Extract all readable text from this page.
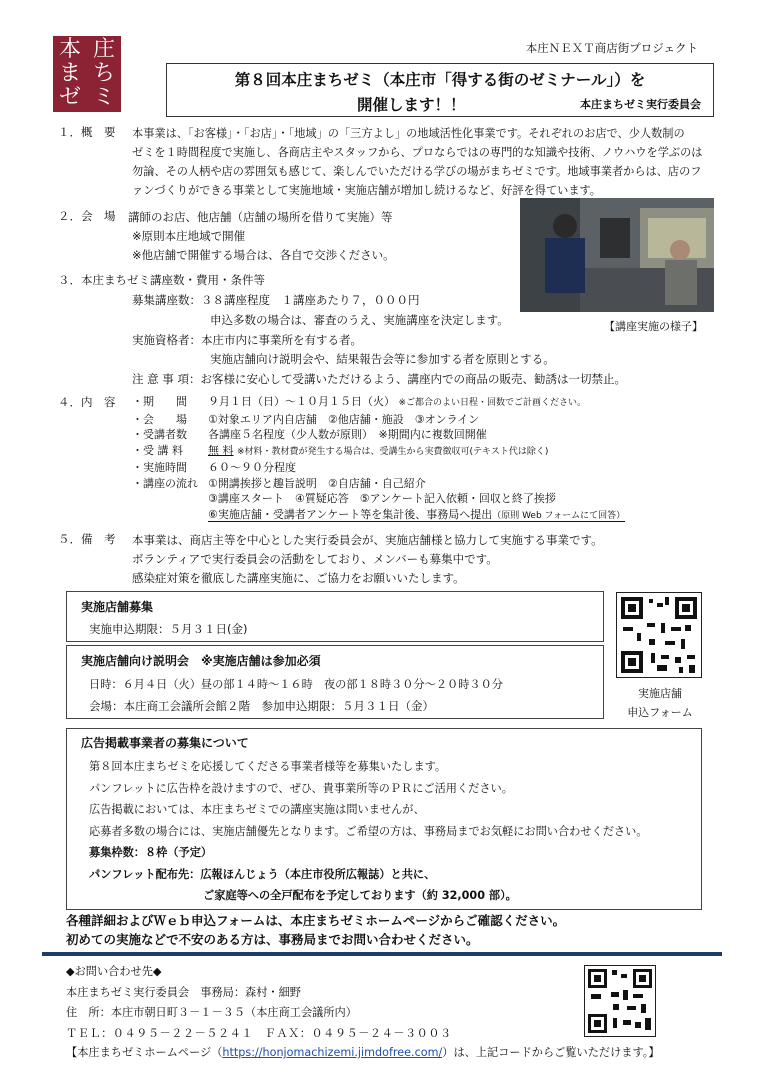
本 庄
ま ち
ゼ ミ
本庄ＮＥＸＴ商店街プロジェクト
第８回本庄まちゼミ（本庄市「得する街のゼミナール」）を
開催します！！	本庄まちゼミ実行委員会
１．概　要 本事業は、「お客様」・「お店」・「地域」の「三方よし」の地域活性化事業です。それぞれのお店で、少人数制の
ゼミを１時間程度で実施し、各商店主やスタッフから、プロならではの専門的な知識や技術、ノウハウを学ぶのは
勿論、その人柄や店の雰囲気も感じて、楽しんでいただける学びの場がまちゼミです。地域事業者からは、店のフ
ァンづくりができる事業として実施地域・実施店舗が増加し続けるなど、好評を得ています。
２．会　場 講師のお店、他店舗（店舗の場所を借りて実施）等
※原則本庄地域で開催
※他店舗で開催する場合は、各自で交渉ください。
【講座実施の様子】
３．本庄まちゼミ講座数・費用・条件等
募集講座数：３８講座程度　１講座あたり７，０００円
申込多数の場合は、審査のうえ、実施講座を決定します。
実施資格者：本庄市内に事業所を有する者。
実施店舗向け説明会や、結果報告会等に参加する者を原則とする。
注 意 事 項：お客様に安心して受講いただけるよう、講座内での商品の販売、勧誘は一切禁止。
４．内　容 ・期　　間 ９月１日（日）～１０月１５日（火） ※ご都合のよい日程・回数でご計画ください。
・会　　場 ①対象エリア内自店舗　②他店舗・施設　③オンライン
・受講者数 各講座５名程度（少人数が原則）　※期間内に複数回開催
・受 講 料 無 料 ※材料・教材費が発生する場合は、受講生から実費徴収可(テキスト代は除く)
・実施時間 ６０～９０分程度
・講座の流れ ①開講挨拶と趣旨説明　②自店舗・自己紹介
③講座スタート　④質疑応答　⑤アンケート記入依頼・回収と終了挨拶
⑥実施店舗・受講者アンケート等を集計後、事務局へ提出（原則 Web フォームにて回答）
５．備　考 本事業は、商店主等を中心とした実行委員会が、実施店舗様と協力して実施する事業です。
ボランティアで実行委員会の活動をしており、メンバーも募集中です。
感染症対策を徹底した講座実施に、ご協力をお願いいたします。
実施店舗募集
実施申込期限：５月３１日(金)
実施店舗向け説明会　※実施店舗は参加必須
日時：６月４日（火）昼の部１４時～１６時　夜の部１８時３０分～２０時３０分
会場：本庄商工会議所会館２階　参加申込期限：５月３１日（金）
実施店舗
申込フォーム
広告掲載事業者の募集について
第８回本庄まちゼミを応援してくださる事業者様等を募集いたします。
パンフレットに広告枠を設けますので、ぜひ、貴事業所等のＰＲにご活用ください。
広告掲載においては、本庄まちゼミでの講座実施は問いませんが、
応募者多数の場合には、実施店舗優先となります。ご希望の方は、事務局までお気軽にお問い合わせください。
募集枠数：８枠（予定）
パンフレット配布先：広報ほんじょう（本庄市役所広報誌）と共に、
ご家庭等への全戸配布を予定しております（約 32,000 部）。
各種詳細およびＷｅｂ申込フォームは、本庄まちゼミホームページからご確認ください。
初めての実施などで不安のある方は、事務局までお問い合わせください。
◆お問い合わせ先◆
本庄まちゼミ実行委員会　事務局：森村・細野
住　所：本庄市朝日町３－１－３５（本庄商工会議所内）
ＴＥＬ：０４９５－２２－５２４１　ＦＡＸ：０４９５－２４－３００３
【本庄まちゼミホームページ（https://honjomachizemi.jimdofree.com/）は、上記コードからご覧いただけます。】
